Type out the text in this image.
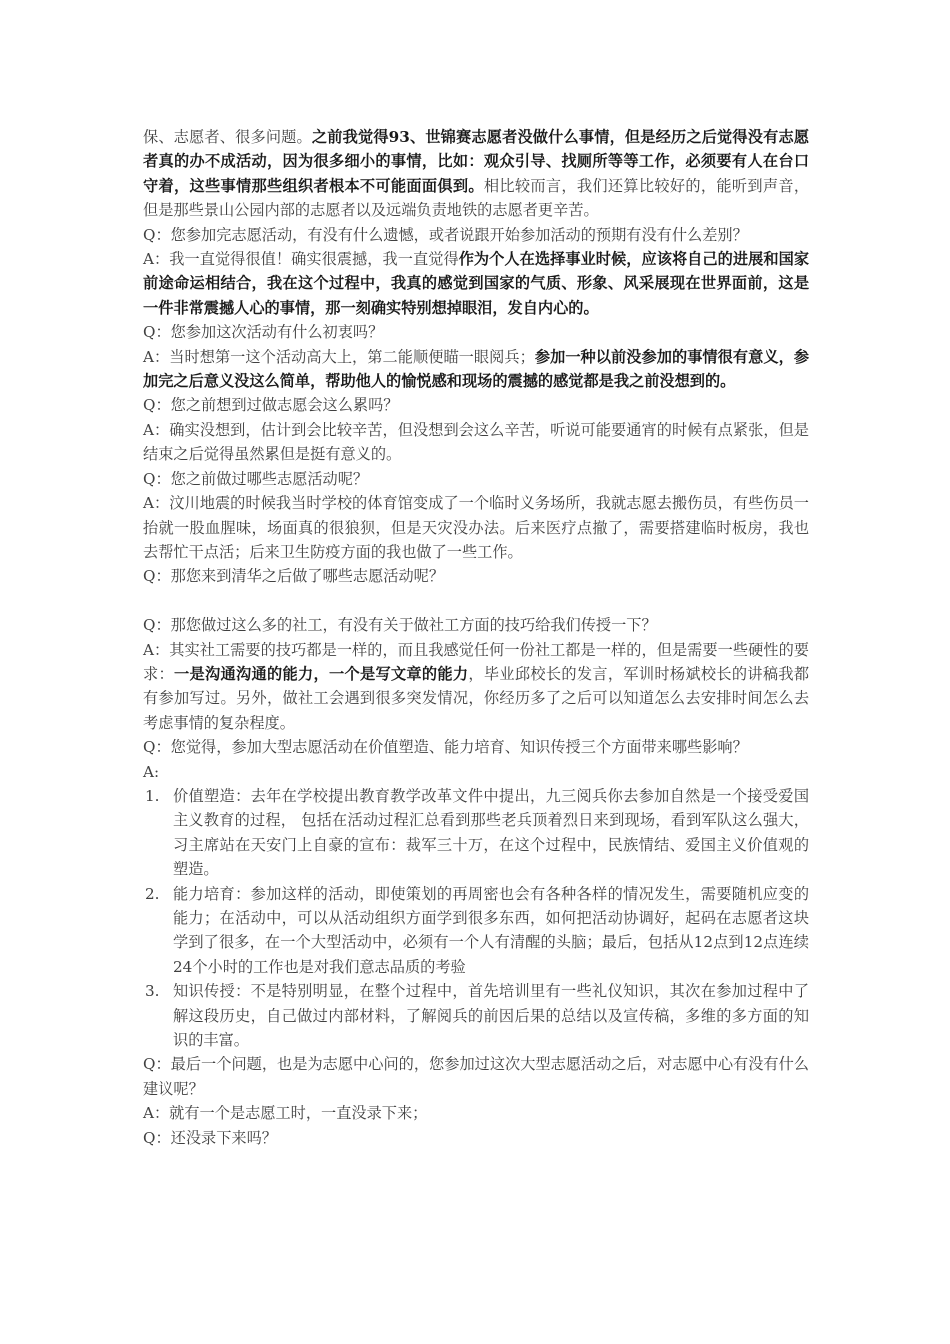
保、志愿者、很多问题。之前我觉得93、世锦赛志愿者没做什么事情，但是经历之后觉得没有志愿者真的办不成活动，因为很多细小的事情，比如：观众引导、找厕所等等工作，必须要有人在台口守着，这些事情那些组织者根本不可能面面俱到。相比较而言，我们还算比较好的，能听到声音，但是那些景山公园内部的志愿者以及远端负责地铁的志愿者更辛苦。

Q：您参加完志愿活动，有没有什么遗憾，或者说跟开始参加活动的预期有没有什么差别？

A：我一直觉得很值！确实很震撼，我一直觉得作为个人在选择事业时候，应该将自己的进展和国家前途命运相结合，我在这个过程中，我真的感觉到国家的气质、形象、风采展现在世界面前，这是一件非常震撼人心的事情，那一刻确实特别想掉眼泪，发自内心的。

Q：您参加这次活动有什么初衷吗？

A：当时想第一这个活动高大上，第二能顺便瞄一眼阅兵；参加一种以前没参加的事情很有意义，参加完之后意义没这么简单，帮助他人的愉悦感和现场的震撼的感觉都是我之前没想到的。

Q：您之前想到过做志愿会这么累吗？

A：确实没想到，估计到会比较辛苦，但没想到会这么辛苦，听说可能要通宵的时候有点紧张，但是结束之后觉得虽然累但是挺有意义的。

Q：您之前做过哪些志愿活动呢？

A：汶川地震的时候我当时学校的体育馆变成了一个临时义务场所，我就志愿去搬伤员，有些伤员一抬就一股血腥味，场面真的很狼狈，但是天灾没办法。后来医疗点撤了，需要搭建临时板房，我也去帮忙干点活；后来卫生防疫方面的我也做了一些工作。

Q：那您来到清华之后做了哪些志愿活动呢？

Q：那您做过这么多的社工，有没有关于做社工方面的技巧给我们传授一下？

A：其实社工需要的技巧都是一样的，而且我感觉任何一份社工都是一样的，但是需要一些硬性的要求：一是沟通沟通的能力，一个是写文章的能力，毕业邱校长的发言，军训时杨斌校长的讲稿我都有参加写过。另外，做社工会遇到很多突发情况，你经历多了之后可以知道怎么去安排时间怎么去考虑事情的复杂程度。

Q：您觉得，参加大型志愿活动在价值塑造、能力培育、知识传授三个方面带来哪些影响？

A:

1. 价值塑造：去年在学校提出教育教学改革文件中提出，九三阅兵你去参加自然是一个接受爱国主义教育的过程， 包括在活动过程汇总看到那些老兵顶着烈日来到现场，看到军队这么强大，习主席站在天安门上自豪的宣布：裁军三十万，在这个过程中，民族情结、爱国主义价值观的塑造。
2. 能力培育：参加这样的活动，即使策划的再周密也会有各种各样的情况发生，需要随机应变的能力；在活动中，可以从活动组织方面学到很多东西，如何把活动协调好，起码在志愿者这块学到了很多，在一个大型活动中，必须有一个人有清醒的头脑；最后，包括从12点到12点连续24个小时的工作也是对我们意志品质的考验
3. 知识传授：不是特别明显，在整个过程中，首先培训里有一些礼仪知识，其次在参加过程中了解这段历史，自己做过内部材料，了解阅兵的前因后果的总结以及宣传稿，多维的多方面的知识的丰富。

Q：最后一个问题，也是为志愿中心问的，您参加过这次大型志愿活动之后，对志愿中心有没有什么建议呢？

A：就有一个是志愿工时，一直没录下来；

Q：还没录下来吗？
